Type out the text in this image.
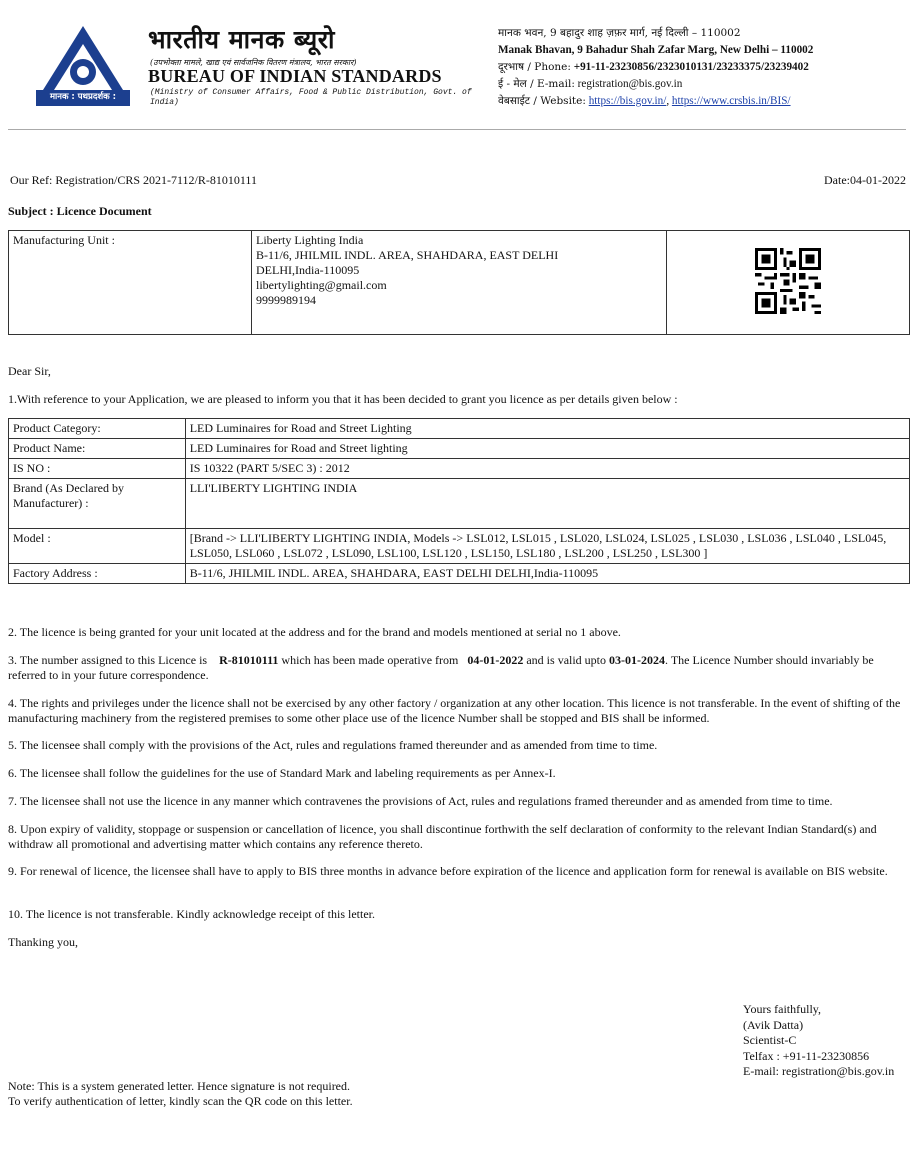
मानक : पथप्रदर्शक :
भारतीय मानक ब्यूरो
(उपभोक्ता मामले, खाद्य एवं सार्वजनिक वितरण मंत्रालय, भारत सरकार)
BUREAU OF INDIAN STANDARDS
(Ministry of Consumer Affairs, Food & Public Distribution, Govt. of India)
मानक भवन, 9 बहादुर शाह ज़फ़र मार्ग, नई दिल्ली – 110002
Manak Bhavan, 9 Bahadur Shah Zafar Marg, New Delhi – 110002
दूरभाष / Phone: +91-11-23230856/2323010131/23233375/23239402
ई - मेल / E-mail: registration@bis.gov.in
वेबसाईट / Website: https://bis.gov.in/, https://www.crsbis.in/BIS/
Our Ref: Registration/CRS 2021-7112/R-81010111	Date:04-01-2022
Subject : Licence Document
Manufacturing Unit :	Liberty Lighting India
B-11/6, JHILMIL INDL. AREA, SHAHDARA, EAST DELHI
DELHI,India-110095
libertylighting@gmail.com
9999989194

Dear Sir,
1.With reference to your Application, we are pleased to inform you that it has been decided to grant you licence as per details given below :
Product Category:	LED Luminaires for Road and Street Lighting
Product Name:	LED Luminaires for Road and Street lighting
IS NO :	IS 10322 (PART 5/SEC 3) : 2012
Brand (As Declared by Manufacturer) :	LLI'LIBERTY LIGHTING INDIA
Model :	[Brand -> LLI'LIBERTY LIGHTING INDIA, Models -> LSL012, LSL015 , LSL020, LSL024, LSL025 , LSL030 , LSL036 , LSL040 , LSL045, LSL050, LSL060 , LSL072 , LSL090, LSL100, LSL120 , LSL150, LSL180 , LSL200 , LSL250 , LSL300 ]
Factory Address :	B-11/6, JHILMIL INDL. AREA, SHAHDARA, EAST DELHI DELHI,India-110095
2. The licence is being granted for your unit located at the address and for the brand and models mentioned at serial no 1 above.
3. The number assigned to this Licence is R-81010111 which has been made operative from 04-01-2022 and is valid upto 03-01-2024. The Licence Number should invariably be referred to in your future correspondence.
4. The rights and privileges under the licence shall not be exercised by any other factory / organization at any other location. This licence is not transferable. In the event of shifting of the manufacturing machinery from the registered premises to some other place use of the licence Number shall be stopped and BIS shall be informed.
5. The licensee shall comply with the provisions of the Act, rules and regulations framed thereunder and as amended from time to time.
6. The licensee shall follow the guidelines for the use of Standard Mark and labeling requirements as per Annex-I.
7. The licensee shall not use the licence in any manner which contravenes the provisions of Act, rules and regulations framed thereunder and as amended from time to time.
8. Upon expiry of validity, stoppage or suspension or cancellation of licence, you shall discontinue forthwith the self declaration of conformity to the relevant Indian Standard(s) and withdraw all promotional and advertising matter which contains any reference thereto.
9. For renewal of licence, the licensee shall have to apply to BIS three months in advance before expiration of the licence and application form for renewal is available on BIS website.
10. The licence is not transferable. Kindly acknowledge receipt of this letter.
Thanking you,
Yours faithfully,
(Avik Datta)
Scientist-C
Telfax : +91-11-23230856
E-mail: registration@bis.gov.in
Note: This is a system generated letter. Hence signature is not required.
To verify authentication of letter, kindly scan the QR code on this letter.
